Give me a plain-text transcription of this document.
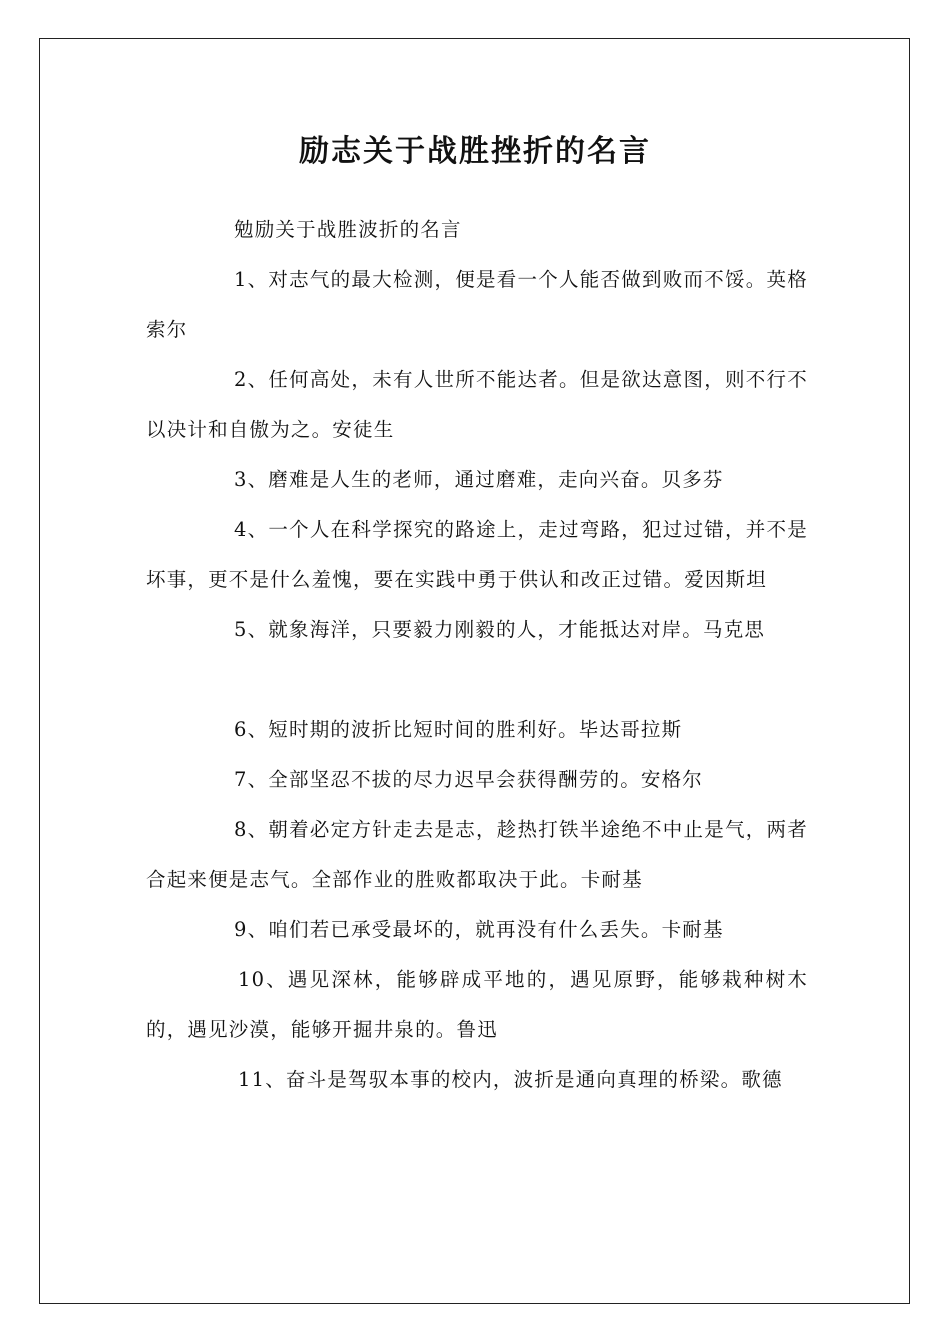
励志关于战胜挫折的名言

勉励关于战胜波折的名言

1、对志气的最大检测，便是看一个人能否做到败而不馁。英格索尔

2、任何高处，未有人世所不能达者。但是欲达意图，则不行不以决计和自傲为之。安徒生

3、磨难是人生的老师，通过磨难，走向兴奋。贝多芬

4、一个人在科学探究的路途上，走过弯路，犯过过错，并不是坏事，更不是什么羞愧，要在实践中勇于供认和改正过错。爱因斯坦

5、就象海洋，只要毅力刚毅的人，才能抵达对岸。马克思

6、短时期的波折比短时间的胜利好。毕达哥拉斯

7、全部坚忍不拔的尽力迟早会获得酬劳的。安格尔

8、朝着必定方针走去是志，趁热打铁半途绝不中止是气，两者合起来便是志气。全部作业的胜败都取决于此。卡耐基

9、咱们若已承受最坏的，就再没有什么丢失。卡耐基

10、遇见深林，能够辟成平地的，遇见原野，能够栽种树木的，遇见沙漠，能够开掘井泉的。鲁迅

11、奋斗是驾驭本事的校内，波折是通向真理的桥梁。歌德
